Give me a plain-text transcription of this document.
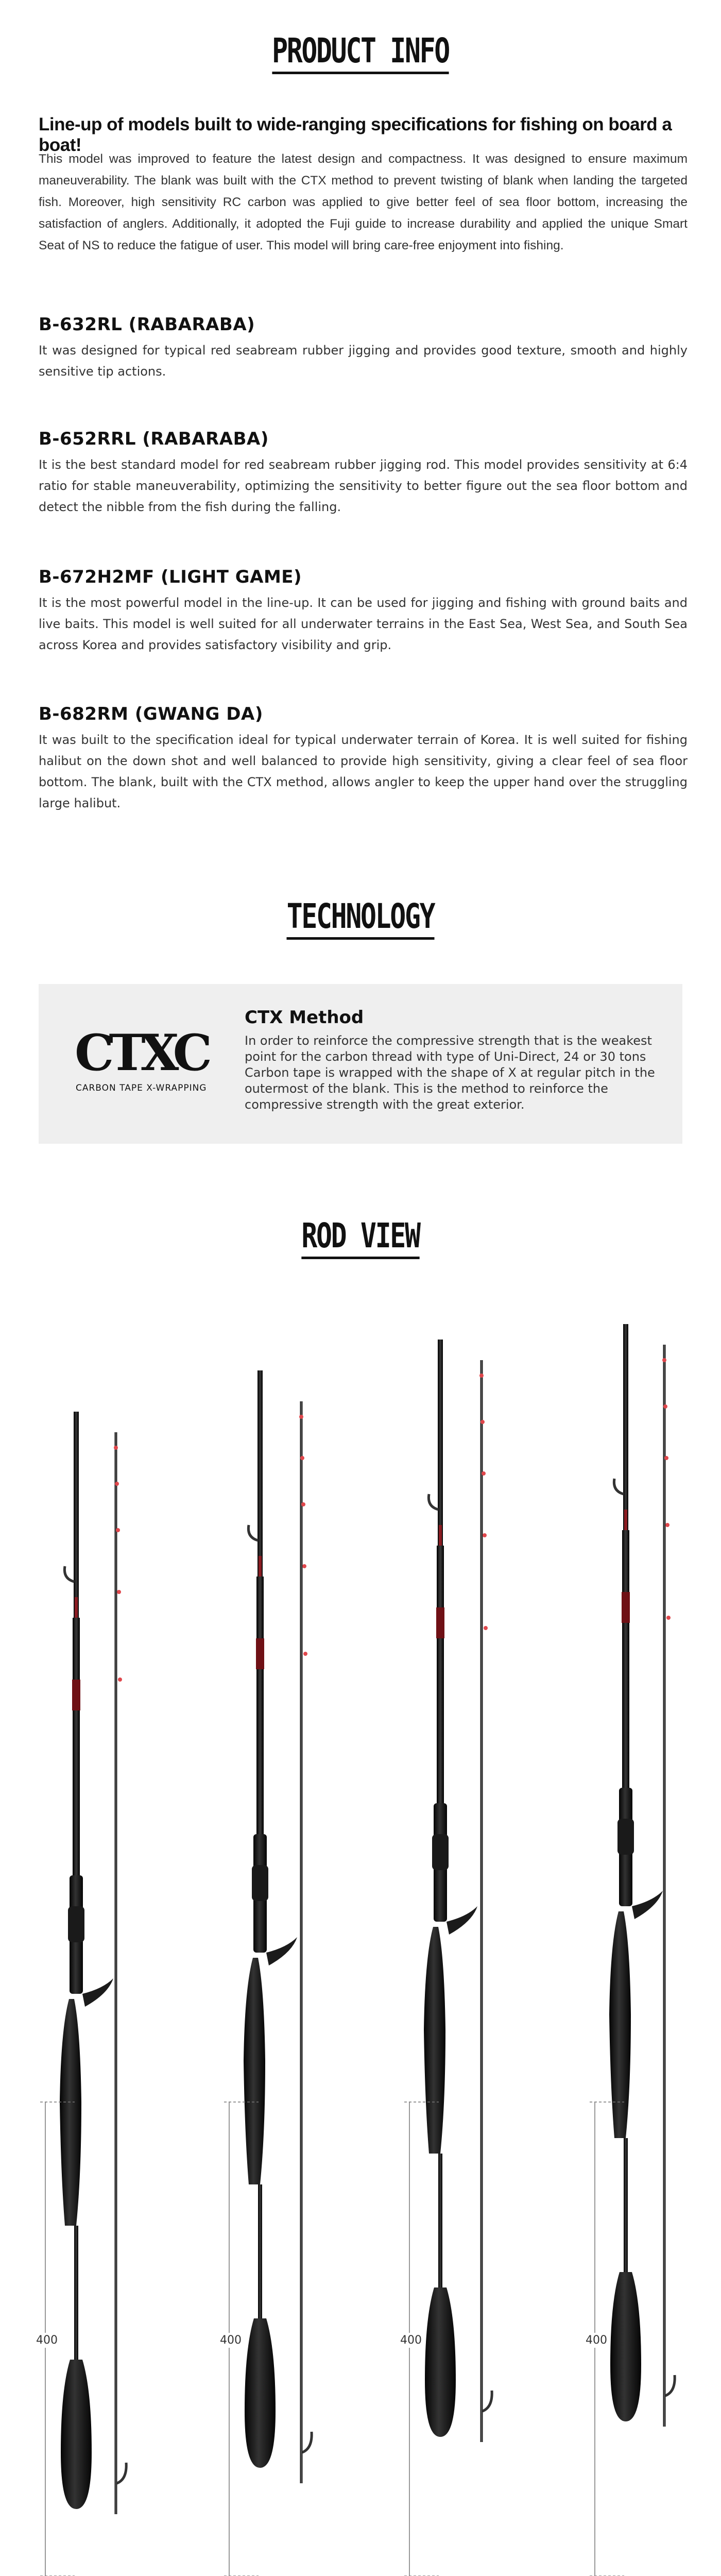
PRODUCT INFO
Line-up of models built to wide-ranging specifications for fishing on board a boat!
This model was improved to feature the latest design and compactness. It was designed to ensure maximum maneuverability. The blank was built with the CTX method to prevent twisting of blank when landing the targeted fish. Moreover, high sensitivity RC carbon was applied to give better feel of sea floor bottom, increasing the satisfaction of anglers. Additionally, it adopted the Fuji guide to increase durability and applied the unique Smart Seat of NS to reduce the fatigue of user. This model will bring care-free enjoyment into fishing.
B-632RL (RABARABA)

It was designed for typical red seabream rubber jigging and provides good texture, smooth and highly sensitive tip actions.

B-652RRL (RABARABA)

It is the best standard model for red seabream rubber jigging rod. This model provides sensitivity at 6:4 ratio for stable maneuverability, optimizing the sensitivity to better figure out the sea floor bottom and detect the nibble from the fish during the falling.

B-672H2MF (LIGHT GAME)

It is the most powerful model in the line-up. It can be used for jigging and fishing with ground baits and live baits. This model is well suited for all underwater terrains in the East Sea, West Sea, and South Sea across Korea and provides satisfactory visibility and grip.

B-682RM (GWANG DA)

It was built to the specification ideal for typical underwater terrain of Korea. It is well suited for fishing halibut on the down shot and well balanced to provide high sensitivity, giving a clear feel of sea floor bottom. The blank, built with the CTX method, allows angler to keep the upper hand over the struggling large halibut.

TECHNOLOGY
CTXC
CARBON TAPE X-WRAPPING
CTX Method

In order to reinforce the compressive strength that is the weakest point for the carbon thread with type of Uni-Direct, 24 or 30 tons Carbon tape is wrapped with the shape of X at regular pitch in the outermost of the blank. This is the method to reinforce the compressive strength with the great exterior.

ROD VIEW
400	400	400	400
